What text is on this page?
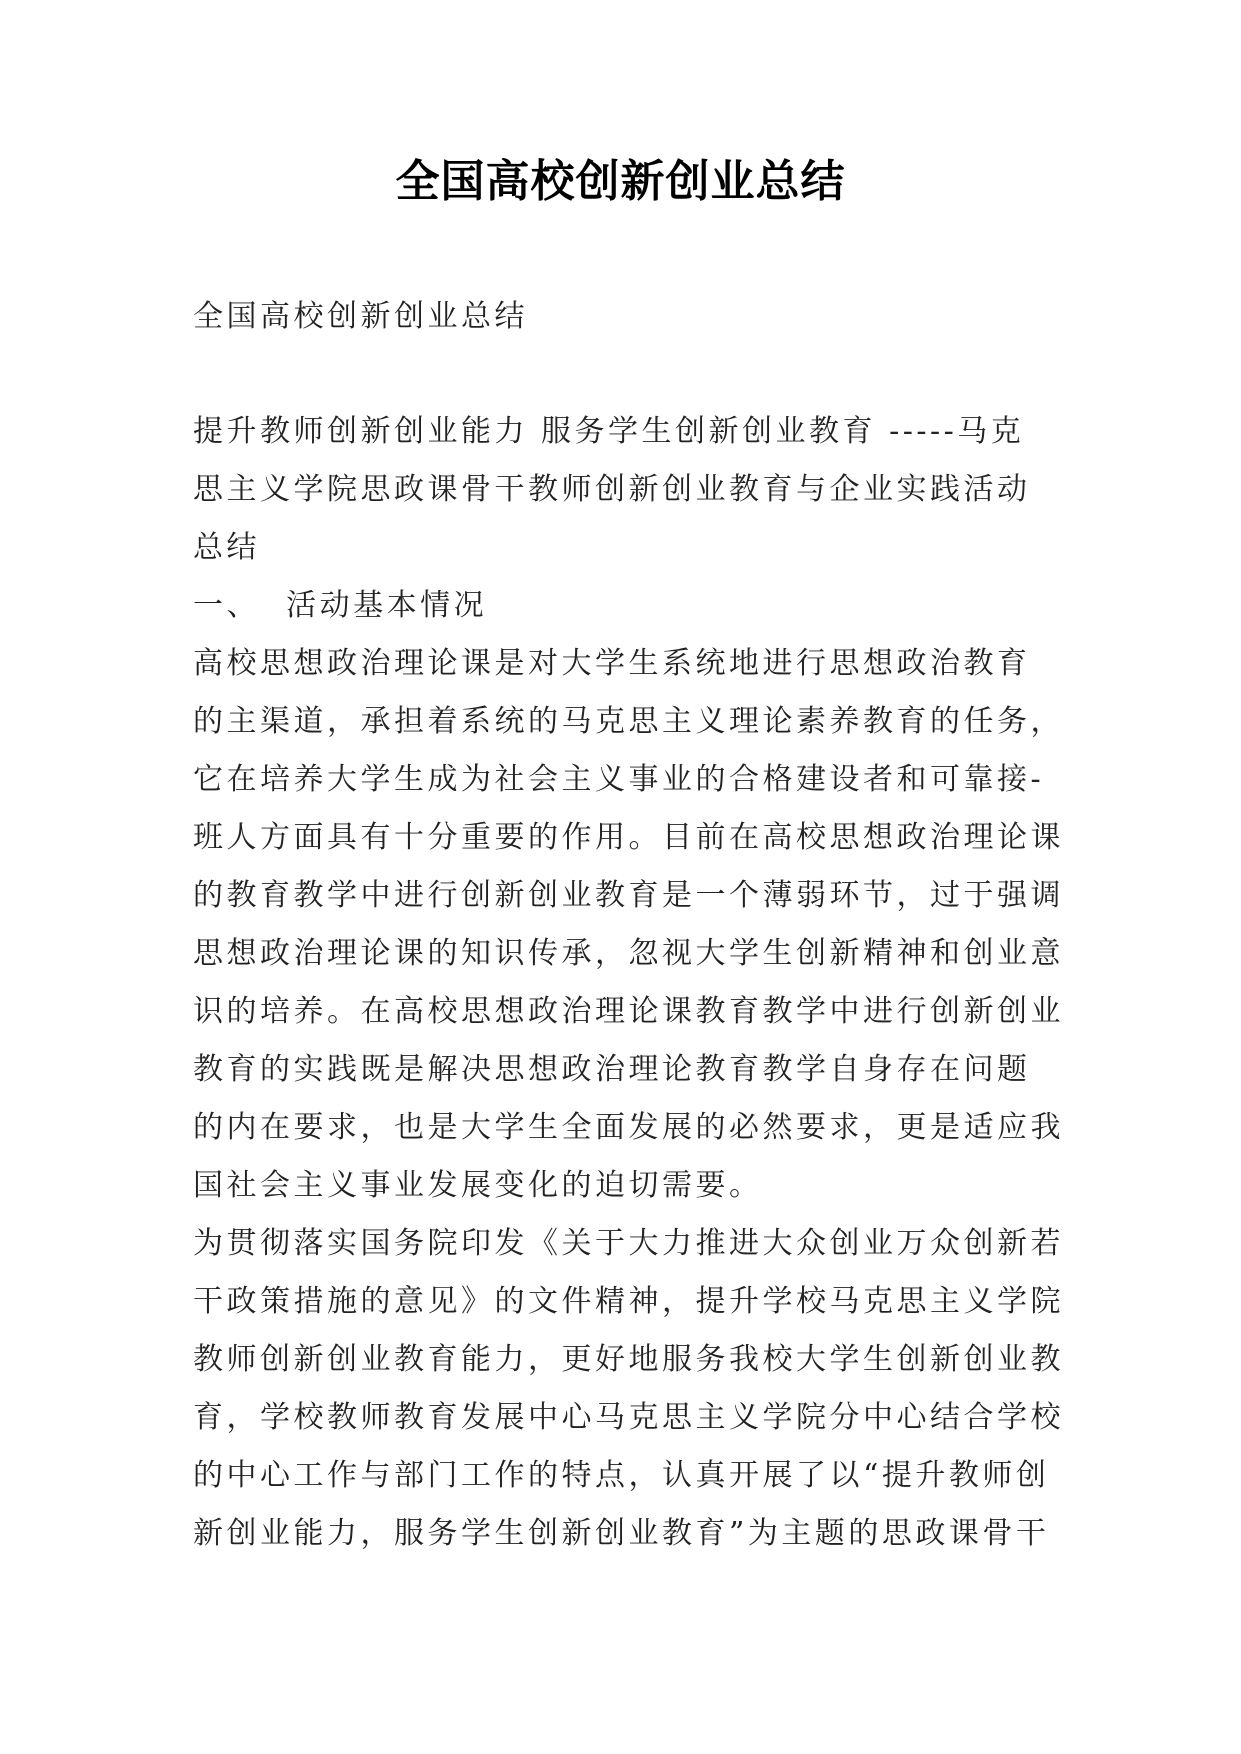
全国高校创新创业总结
全国高校创新创业总结
提升教师创新创业能力 服务学生创新创业教育 -----马克
思主义学院思政课骨干教师创新创业教育与企业实践活动
总结
一、  活动基本情况
高校思想政治理论课是对大学生系统地进行思想政治教育
的主渠道，承担着系统的马克思主义理论素养教育的任务，
它在培养大学生成为社会主义事业的合格建设者和可靠接-
班人方面具有十分重要的作用。目前在高校思想政治理论课
的教育教学中进行创新创业教育是一个薄弱环节，过于强调
思想政治理论课的知识传承，忽视大学生创新精神和创业意
识的培养。在高校思想政治理论课教育教学中进行创新创业
教育的实践既是解决思想政治理论教育教学自身存在问题
的内在要求，也是大学生全面发展的必然要求，更是适应我
国社会主义事业发展变化的迫切需要。
为贯彻落实国务院印发《关于大力推进大众创业万众创新若
干政策措施的意见》的文件精神，提升学校马克思主义学院
教师创新创业教育能力，更好地服务我校大学生创新创业教
育，学校教师教育发展中心马克思主义学院分中心结合学校
的中心工作与部门工作的特点，认真开展了以“提升教师创
新创业能力，服务学生创新创业教育”为主题的思政课骨干
